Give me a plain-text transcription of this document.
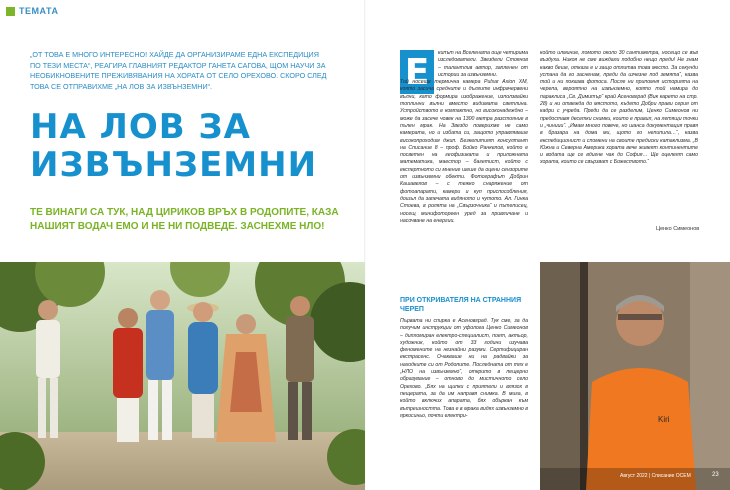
ТЕМАТА
„ОТ ТОВА Е МНОГО ИНТЕРЕСНО! ХАЙДЕ ДА ОРГАНИЗИРАМЕ ЕДНА ЕКСПЕДИЦИЯ ПО ТЕЗИ МЕСТА“, РЕАГИРА ГЛАВНИЯТ РЕДАКТОР ГАНЕТА САГОВА, ЩОМ НАУЧИ ЗА НЕОБИКНОВЕНИТЕ ПРЕЖИВЯВАНИЯ НА ХОРАТА ОТ СЕЛО ОРЕХОВО. СКОРО СЛЕД ТОВА СЕ ОТПРАВИХМЕ „НА ЛОВ ЗА ИЗВЪНЗЕМНИ“.
НА ЛОВ ЗА
ИЗВЪНЗЕМНИ
ТЕ ВИНАГИ СА ТУК, НАД ЦИРИКОВ ВРЪХ В РОДОПИТЕ, КАЗА НАШИЯТ ВОДАЧ ЕМО И НЕ НИ ПОДВЕДЕ. ЗАСНЕХМЕ НЛО!
Е	кипът на Вселената още четирима изследователи. Звездели Стоянов – талантлив автор, запленен от истории за извънземни.
Той носеше термична камера Pulsar Axion XM, която засича средните и дългите инфрачервени вълни, като формира изображение, използвайки топлинни вълни вместо видимата светлина. Устройството е компактно, но високонадеждно – може да засече човек на 1300 метра разстояние в пълен мрак. На Звездо поверихме не само камерата, но и избата си, защото управляваше високопроходим джип. Безкелитият консултант на Списание 8 – проф. Бойко Ранкелов, който е посветен на геофизиката и приложната математика, маестор – багетист, който с експертното си мнение шеше да оцени сензорите от извънземни обекти. Фотографът Добрин Кашавелов – с тежко снаряжение от фотоапарати, камери и куп приспособления, дошъл да запечата видяното и чутото. Ал. Гинка Стоева, в ролята на „Свързочника“ и пътеписец, носещ минифотореен уред за привличане и насочване на енергии.
който илминие, ломото около 30 сантиметра, носещо се във въздуха. Никоя не сме виждали подобно нещо преди! Не знам какво беше, отказа е и защо отлитва това место. За секунди устана да го засненам, преди да изчезне под земята“, казва той и ни показва фотоса. После ни припомня историята на черепа, вероятно на извънземно, която той намира до параклиса „Св. Димитър“ край Асеновград (Вик карето на стр. 28) и ни отвежда до мястото, където Добри прави серия от кадри с учреда. Преди да се разделим, Ценко Симеонов ни предоставя десетки снимки, които е правил, на летящи точки и „чиниии“. „Имам много повече, но шанса документация правя в бразара на дома ми, щото го непипила…“, казва експедиционист и спомени на своите предиски катаклизма. „В Южна и Северна Америка хората вече живеят континентите и водата ще се вдигне чак до София… Ще оцелеят само хората, които се свързват с Божеството.“
ПРИ ОТКРИВАТЕЛЯ НА СТРАННИЯ ЧЕРЕП
Първата ни спирка е Асеновград. Тук сме, за да получим инструкции от уфолога Ценко Симеонов – дипломиран електро-специалист, поет, актьор, художник, който от 33 години изучава феномените на незнайни разуми. Сертифициран екстрасенс. Очакваше ни на радвайки за находките си от Родопите. Последната от тях е „НЛО на извънземно“, открито в пещерно образувание – отново до мистичното село Орехово. „Бях на щипки с приятели и влязох в пещерата, за да им направя снимка. В мига, в който включих апарата, бях объркан към вътрешността. Това е в мрака видях извънземно в яркосиньо, почти електри-
Ценко Симеонов
Kiri
Август 2022 | Списание ОСЕМ	23
